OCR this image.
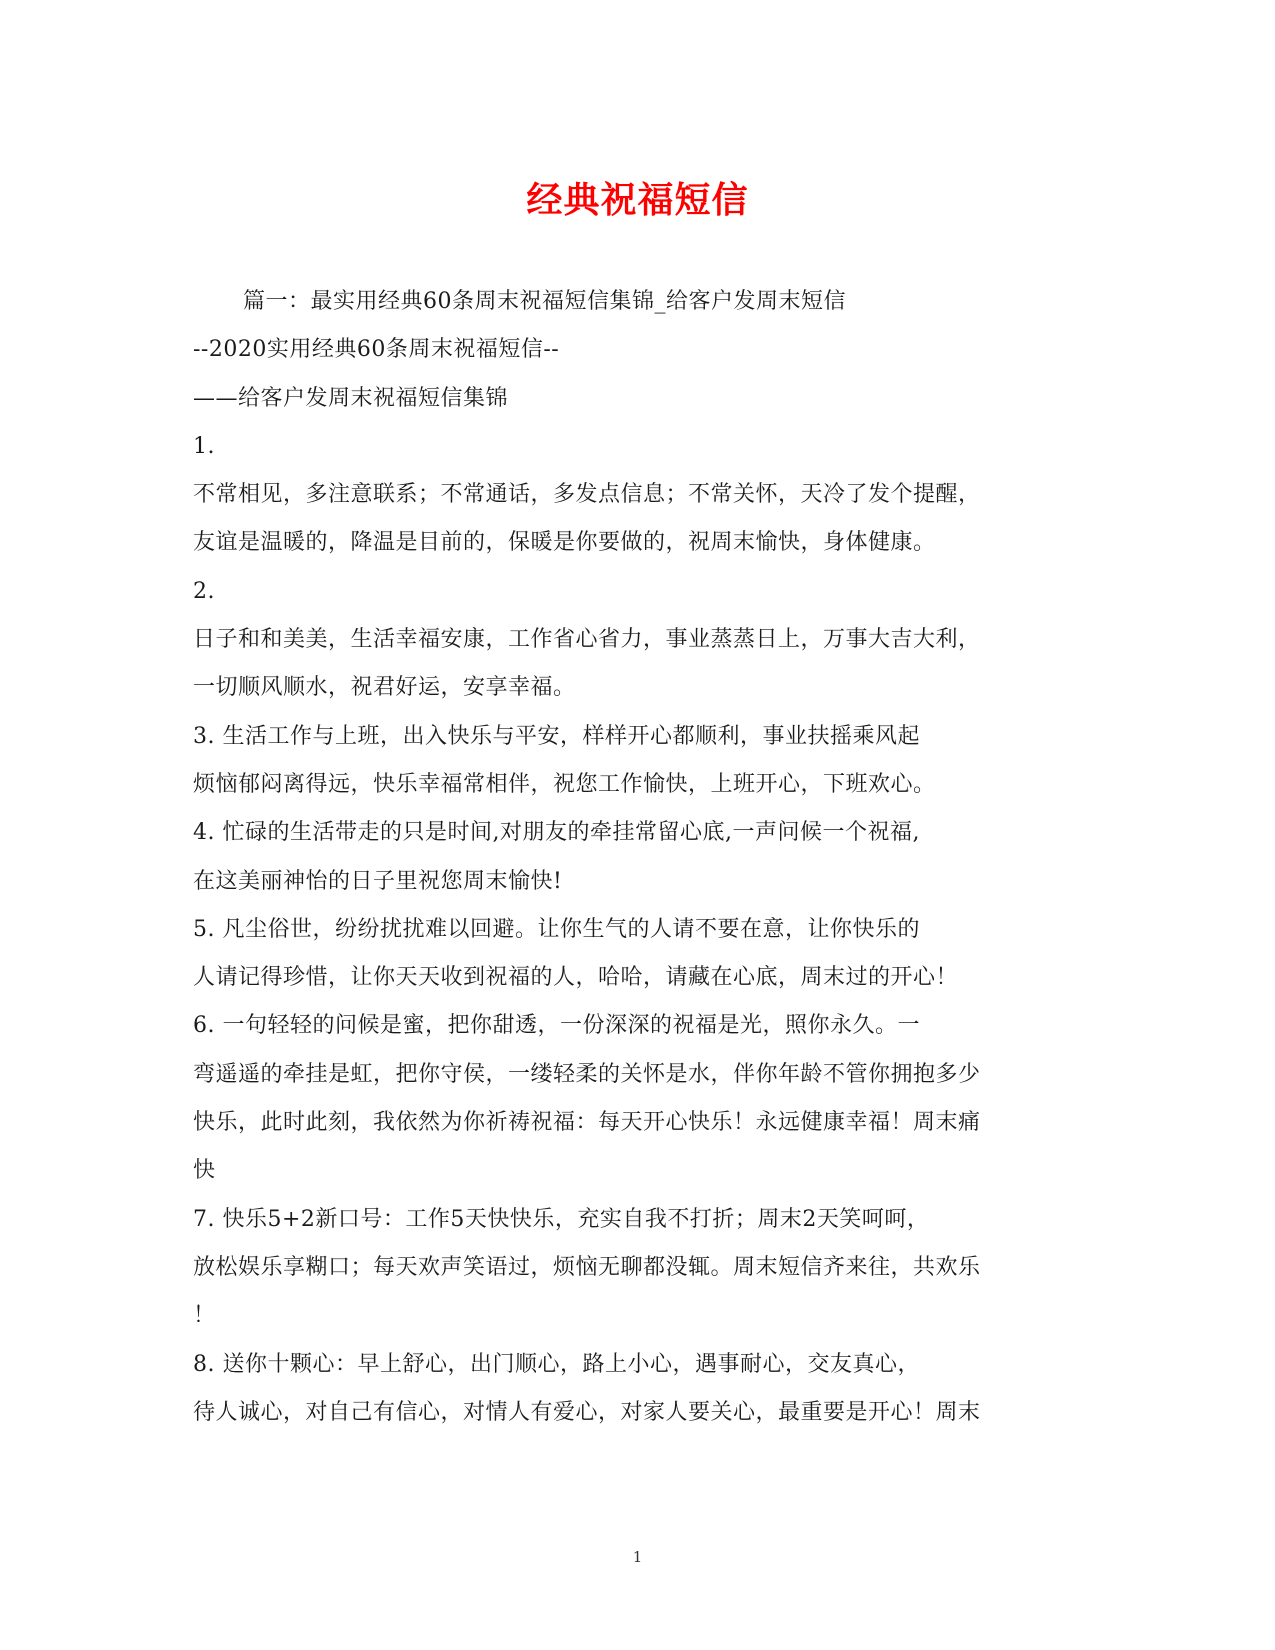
经典祝福短信
篇一：最实用经典60条周末祝福短信集锦_给客户发周末短信
--2020实用经典60条周末祝福短信--
——给客户发周末祝福短信集锦
1.
不常相见，多注意联系；不常通话，多发点信息；不常关怀，天冷了发个提醒，
友谊是温暖的，降温是目前的，保暖是你要做的，祝周末愉快，身体健康。
2.
日子和和美美，生活幸福安康，工作省心省力，事业蒸蒸日上，万事大吉大利，
一切顺风顺水，祝君好运，安享幸福。
3. 生活工作与上班，出入快乐与平安，样样开心都顺利，事业扶摇乘风起
烦恼郁闷离得远，快乐幸福常相伴，祝您工作愉快，上班开心，下班欢心。
4. 忙碌的生活带走的只是时间,对朋友的牵挂常留心底,一声问候一个祝福,
在这美丽神怡的日子里祝您周末愉快!
5. 凡尘俗世，纷纷扰扰难以回避。让你生气的人请不要在意，让你快乐的
人请记得珍惜，让你天天收到祝福的人，哈哈，请藏在心底，周末过的开心！
6. 一句轻轻的问候是蜜，把你甜透，一份深深的祝福是光，照你永久。一
弯遥遥的牵挂是虹，把你守侯，一缕轻柔的关怀是水，伴你年龄不管你拥抱多少
快乐，此时此刻，我依然为你祈祷祝福：每天开心快乐！永远健康幸福！周末痛
快
7. 快乐5+2新口号：工作5天快快乐，充实自我不打折；周末2天笑呵呵，
放松娱乐享糊口；每天欢声笑语过，烦恼无聊都没辄。周末短信齐来往，共欢乐
！
8. 送你十颗心：早上舒心，出门顺心，路上小心，遇事耐心，交友真心，
待人诚心，对自己有信心，对情人有爱心，对家人要关心，最重要是开心！周末
1
